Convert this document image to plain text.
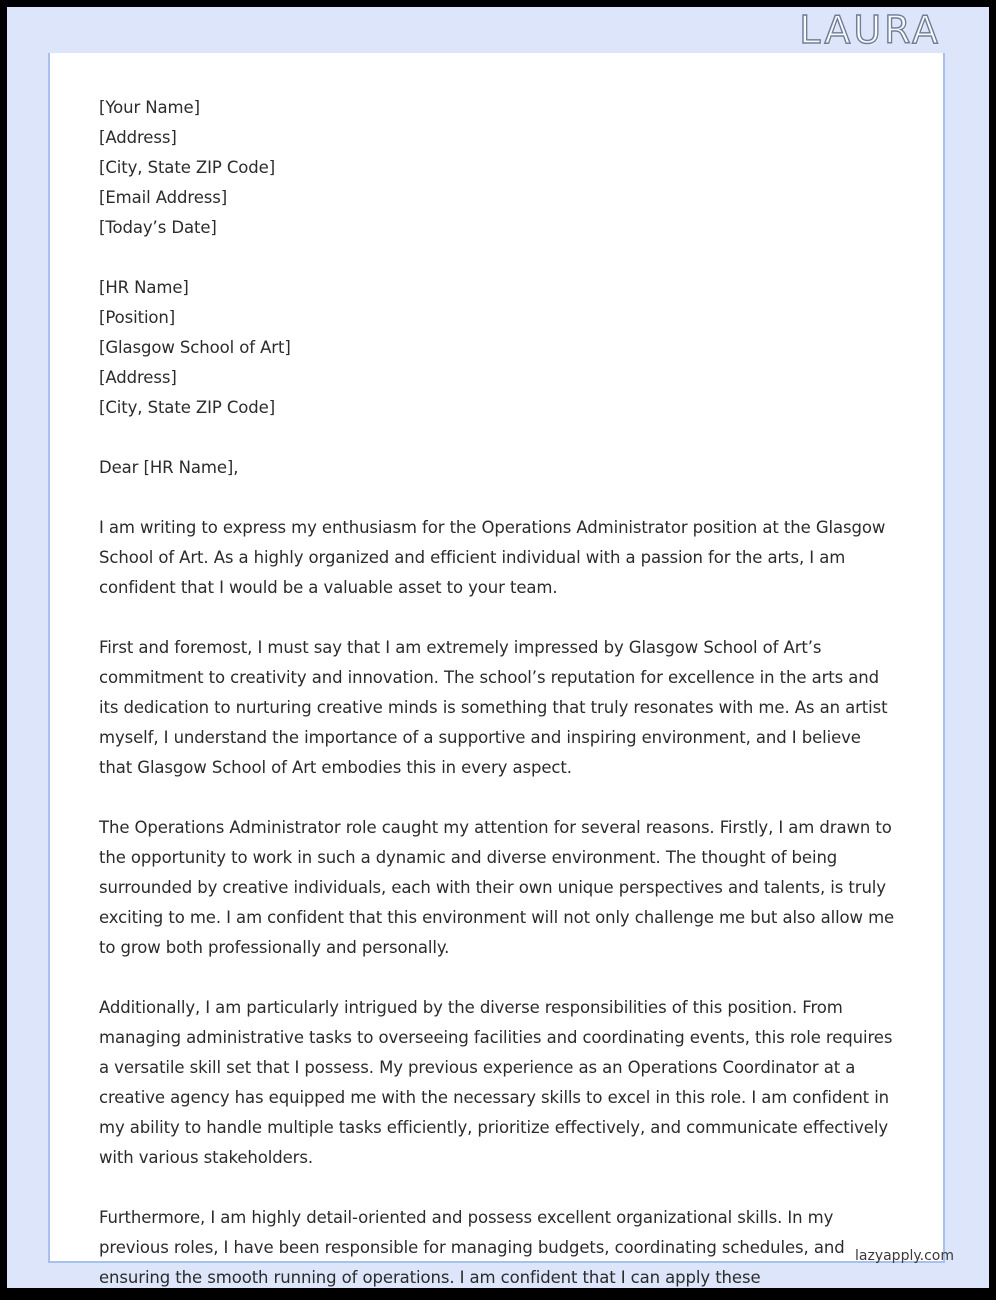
LAURA
[Your Name]
[Address]
[City, State ZIP Code]
[Email Address]
[Today’s Date]
[HR Name]
[Position]
[Glasgow School of Art]
[Address]
[City, State ZIP Code]

Dear [HR Name],

I am writing to express my enthusiasm for the Operations Administrator position at the Glasgow School of Art. As a highly organized and efficient individual with a passion for the arts, I am confident that I would be a valuable asset to your team.

First and foremost, I must say that I am extremely impressed by Glasgow School of Art’s commitment to creativity and innovation. The school’s reputation for excellence in the arts and its dedication to nurturing creative minds is something that truly resonates with me. As an artist myself, I understand the importance of a supportive and inspiring environment, and I believe that Glasgow School of Art embodies this in every aspect.

The Operations Administrator role caught my attention for several reasons. Firstly, I am drawn to the opportunity to work in such a dynamic and diverse environment. The thought of being surrounded by creative individuals, each with their own unique perspectives and talents, is truly exciting to me. I am confident that this environment will not only challenge me but also allow me to grow both professionally and personally.

Additionally, I am particularly intrigued by the diverse responsibilities of this position. From managing administrative tasks to overseeing facilities and coordinating events, this role requires a versatile skill set that I possess. My previous experience as an Operations Coordinator at a creative agency has equipped me with the necessary skills to excel in this role. I am confident in my ability to handle multiple tasks efficiently, prioritize effectively, and communicate effectively with various stakeholders.

Furthermore, I am highly detail-oriented and possess excellent organizational skills. In my previous roles, I have been responsible for managing budgets, coordinating schedules, and ensuring the smooth running of operations. I am confident that I can apply these

lazyapply.com
